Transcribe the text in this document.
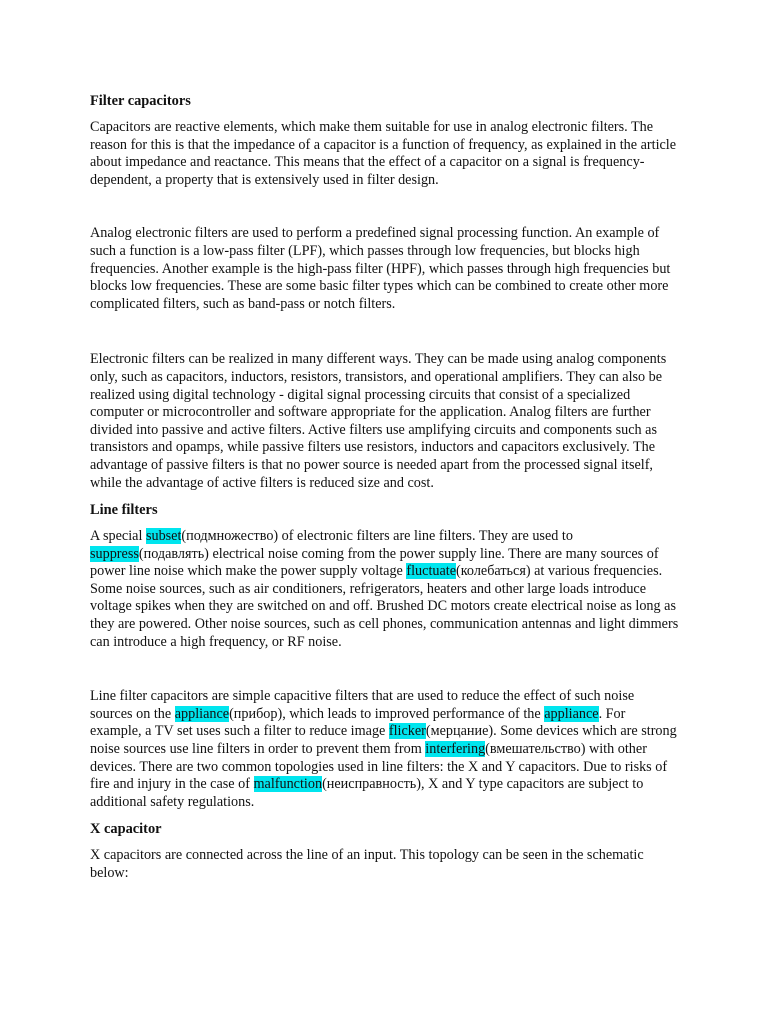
Filter capacitors

Capacitors are reactive elements, which make them suitable for use in analog electronic filters. The reason for this is that the impedance of a capacitor is a function of frequency, as explained in the article about impedance and reactance. This means that the effect of a capacitor on a signal is frequency-dependent, a property that is extensively used in filter design.

Analog electronic filters are used to perform a predefined signal processing function. An example of such a function is a low-pass filter (LPF), which passes through low frequencies, but blocks high frequencies. Another example is the high-pass filter (HPF), which passes through high frequencies but blocks low frequencies. These are some basic filter types which can be combined to create other more complicated filters, such as band-pass or notch filters.

Electronic filters can be realized in many different ways. They can be made using analog components only, such as capacitors, inductors, resistors, transistors, and operational amplifiers. They can also be realized using digital technology - digital signal processing circuits that consist of a specialized computer or microcontroller and software appropriate for the application. Analog filters are further divided into passive and active filters. Active filters use amplifying circuits and components such as transistors and opamps, while passive filters use resistors, inductors and capacitors exclusively. The advantage of passive filters is that no power source is needed apart from the processed signal itself, while the advantage of active filters is reduced size and cost.

Line filters

A special subset(подмножество) of electronic filters are line filters. They are used to suppress(подавлять) electrical noise coming from the power supply line. There are many sources of power line noise which make the power supply voltage fluctuate(колебаться) at various frequencies. Some noise sources, such as air conditioners, refrigerators, heaters and other large loads introduce voltage spikes when they are switched on and off. Brushed DC motors create electrical noise as long as they are powered. Other noise sources, such as cell phones, communication antennas and light dimmers can introduce a high frequency, or RF noise.

Line filter capacitors are simple capacitive filters that are used to reduce the effect of such noise sources on the appliance(прибор), which leads to improved performance of the appliance. For example, a TV set uses such a filter to reduce image flicker(мерцание). Some devices which are strong noise sources use line filters in order to prevent them from interfering(вмешательство) with other devices. There are two common topologies used in line filters: the X and Y capacitors. Due to risks of fire and injury in the case of malfunction(неисправность), X and Y type capacitors are subject to additional safety regulations.

X capacitor

X capacitors are connected across the line of an input. This topology can be seen in the schematic below:
